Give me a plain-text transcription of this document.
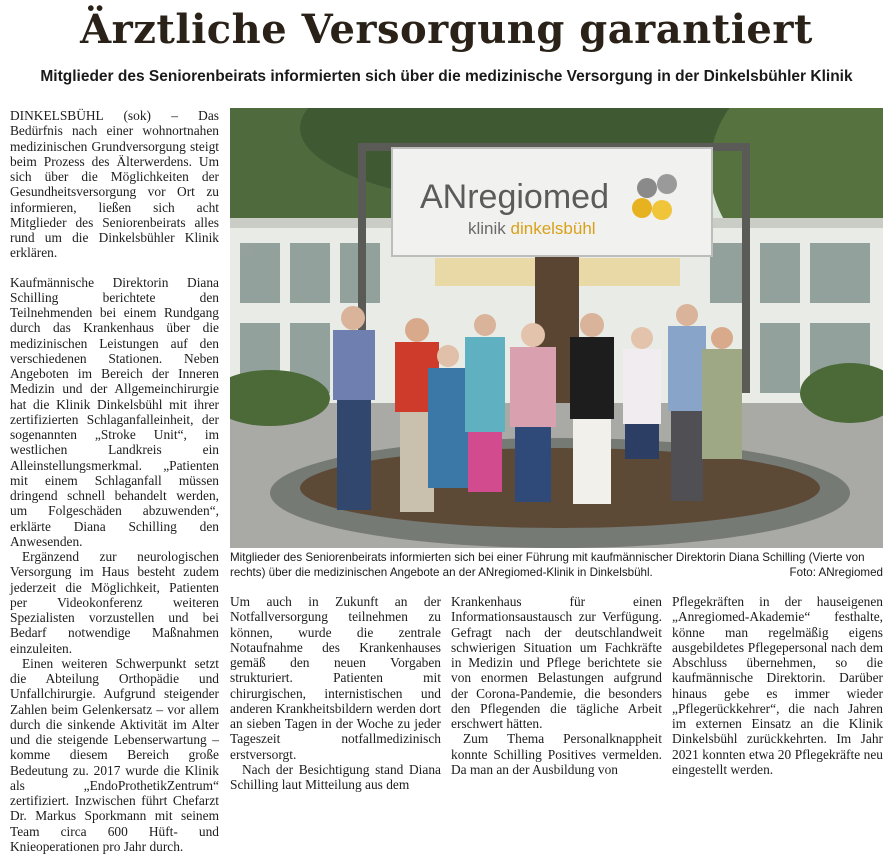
Ärztliche Versorgung garantiert
Mitglieder des Seniorenbeirats informierten sich über die medizinische Versorgung in der Dinkelsbühler Klinik

DINKELSBÜHL (sok) – Das Bedürfnis nach einer wohnortnahen medizinischen Grundversorgung steigt beim Prozess des Älterwerdens. Um sich über die Möglichkeiten der Gesundheitsversorgung vor Ort zu informieren, ließen sich acht Mitglieder des Seniorenbeirats alles rund um die Dinkelsbühler Klinik erklären.

Kaufmännische Direktorin Diana Schilling berichtete den Teilnehmenden bei einem Rundgang durch das Krankenhaus über die medizinischen Leistungen auf den verschiedenen Stationen. Neben Angeboten im Bereich der Inneren Medizin und der Allgemeinchirurgie hat die Klinik Dinkelsbühl mit ihrer zertifizierten Schlaganfalleinheit, der sogenannten „Stroke Unit“, im westlichen Landkreis ein Alleinstellungsmerkmal. „Patienten mit einem Schlaganfall müssen dringend schnell behandelt werden, um Folgeschäden abzuwenden“, erklärte Diana Schilling den Anwesenden.

Ergänzend zur neurologischen Versorgung im Haus besteht zudem jederzeit die Möglichkeit, Patienten per Videokonferenz weiteren Spezialisten vorzustellen und bei Bedarf notwendige Maßnahmen einzuleiten.

Einen weiteren Schwerpunkt setzt die Abteilung Orthopädie und Unfallchirurgie. Aufgrund steigender Zahlen beim Gelenkersatz – vor allem durch die sinkende Aktivität im Alter und die steigende Lebenserwartung – komme diesem Bereich große Bedeutung zu. 2017 wurde die Klinik als „EndoProthetikZentrum“ zertifiziert. Inzwischen führt Chefarzt Dr. Markus Sporkmann mit seinem Team circa 600 Hüft- und Knieoperationen pro Jahr durch.

ANregiomed
klinik dinkelsbühl
Mitglieder des Seniorenbeirats informierten sich bei einer Führung mit kaufmännischer Direktorin Diana Schilling (Vierte von rechts) über die medizinischen Angebote an der ANregiomed-Klinik in Dinkelsbühl.	Foto: ANregiomed

Um auch in Zukunft an der Notfallversorgung teilnehmen zu können, wurde die zentrale Notaufnahme des Krankenhauses gemäß den neuen Vorgaben strukturiert. Patienten mit chirurgischen, internistischen und anderen Krankheitsbildern werden dort an sieben Tagen in der Woche zu jeder Tageszeit notfallmedizinisch erstversorgt.

Nach der Besichtigung stand Diana Schilling laut Mitteilung aus dem

Krankenhaus für einen Informationsaustausch zur Verfügung. Gefragt nach der deutschlandweit schwierigen Situation um Fachkräfte in Medizin und Pflege berichtete sie von enormen Belastungen aufgrund der Corona-Pandemie, die besonders den Pflegenden die tägliche Arbeit erschwert hätten.

Zum Thema Personalknappheit konnte Schilling Positives vermelden. Da man an der Ausbildung von

Pflegekräften in der hauseigenen „Anregiomed-Akademie“ festhalte, könne man regelmäßig eigens ausgebildetes Pflegepersonal nach dem Abschluss übernehmen, so die kaufmännische Direktorin. Darüber hinaus gebe es immer wieder „Pflegerückkehrer“, die nach Jahren im externen Einsatz an die Klinik Dinkelsbühl zurückkehrten. Im Jahr 2021 konnten etwa 20 Pflegekräfte neu eingestellt werden.
